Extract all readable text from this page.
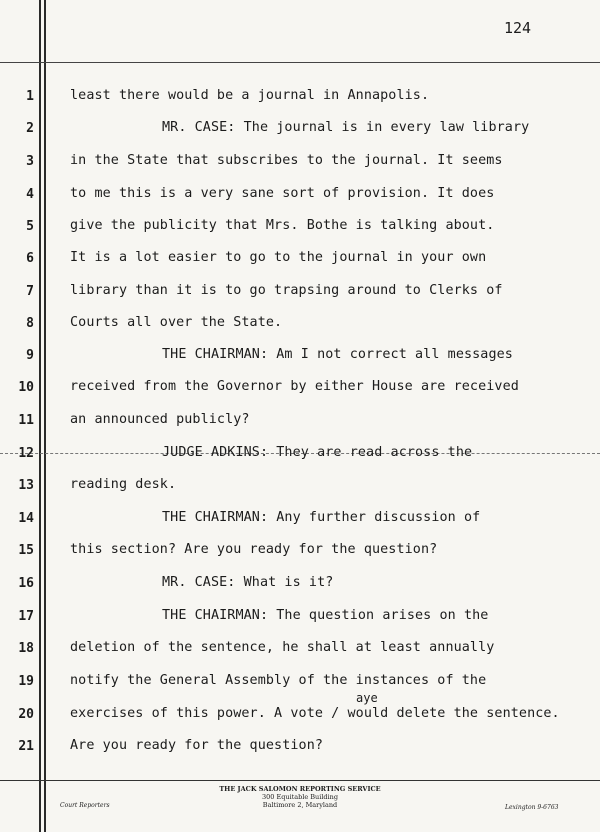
124
1
2
3
4
5
6
7
8
9
10
11
12
13
14
15
16
17
18
19
20
21
least there would be a journal in Annapolis.
MR. CASE: The journal is in every law library
in the State that subscribes to the journal. It seems
to me this is a very sane sort of provision. It does
give the publicity that Mrs. Bothe is talking about.
It is a lot easier to go to the journal in your own
library than it is to go trapsing around to Clerks of
Courts all over the State.
THE CHAIRMAN: Am I not correct all messages
received from the Governor by either House are received
an announced publicly?
JUDGE ADKINS: They are read across the
reading desk.
THE CHAIRMAN: Any further discussion of
this section? Are you ready for the question?
MR. CASE: What is it?
THE CHAIRMAN: The question arises on the
deletion of the sentence, he shall at least annually
notify the General Assembly of the instances of the
exercises of this power. A vote / would delete the sentence.
Are you ready for the question?
aye
Court Reporters
THE JACK SALOMON REPORTING SERVICE
300 Equitable Building
Baltimore 2, Maryland	Lexington 9-6763
